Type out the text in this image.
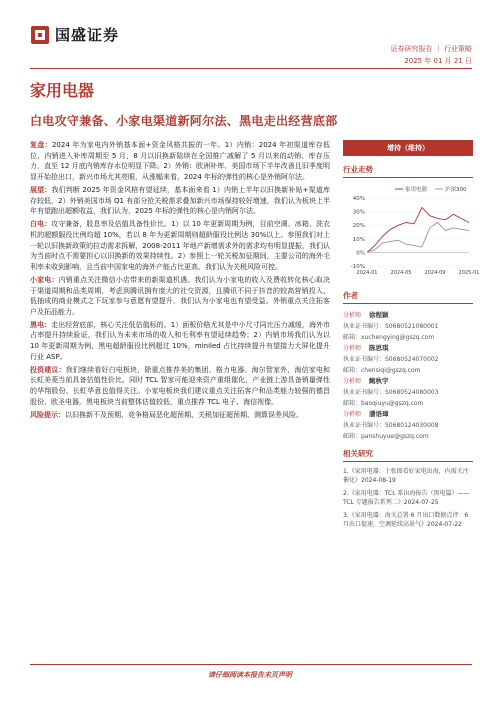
国盛证券
证券研究报告 ｜ 行业策略
2025 年 01 月 21 日
家用电器
白电攻守兼备、小家电渠道新阿尔法、黑电走出经营底部

复盘：2024 年为家电内外销基本面+资金风格共振的一年。1）内销：2024 年初渠道库存低位，内销进入补库周期至 5 月，8 月以旧换新陆续在全国推广减解了 5 月以来的动销、库存压力，直至 12 月底内销库存水位明显下降。2）外销：欧洲补库、美国市场下半年改善且旧季度明显开始抢出口，新兴市场尤其亮眼，从涨幅来看，2024 年标的弹性的核心是外销阿尔法。

展望：我们判断 2025 年资金风格有望延续，基本面来看 1）内销上半年以旧换新补贴+渠道库存较低，2）外销美国市场 Q1 有部分抢关税需求叠加新兴市场保持较好增速，我们认为板块上半年有望跑出超额收益，我们认为，2025 年标的弹性的核心是内销阿尔法。

白电：攻守兼备，股息率及估值具备性价比。1）以 10 年更新周期为例，目前空调、冰箱、洗衣机的超额服役比例均超 10%，若以 8 年为更新周期则超龄服役比例达 30%以上。参照我们对上一轮以旧换新政策的拉动需求拆解，2008-2011 年地产新增需求外的需求均有明显提振，我们认为当前时点不需要担心以旧换新的效果持续性。2）参照上一轮关税加征期间，主要公司的海外毛利率未收到影响，且当前中国家电的海外产能占比更高，我们认为关税风险可控。

小家电：内销重点关注微信小店带来的新渠道机遇。我们认为小家电的收入及费收转化核心取决于渠道周期和品类周期，考虑到腾讯拥有庞大的社交资源，且腾讯不同于抖音的较高营销投入、低抽成的商业模式之下玩家参与意愿有望提升，我们认为小家电也有望受益。外销重点关注拓客户及拓品能力。

黑电：走出经营底部，核心关注低估值标的。1）面板价格尤其是中小尺寸同比压力减缓，海外市占率提升持续验证，我们认为未来市场的收入和毛利率有望延续趋势；2）内销市场我们认为以 10 年更新周期为例，黑电超龄服役比例超过 10%，miniled 占比持续提升有望接力大屏化提升行业 ASP。

投资建议：我们继续看好白电板块，除重点推荐美的集团、格力电器、海尔智家外，海信家电和长虹美菱当前具备估值性价比。同时 TCL 智家可能迎来资产重组催化，产业链上游具备销量弹性的华翔股份、长虹华意也值得关注。小家电板块我们建议重点关注拓客户和品类能力较强的德昌股份、欧圣电器。黑电板块当前整体估值较低，重点推荐 TCL 电子、海信视像。

风险提示：以旧换新不及预期、竞争格局恶化超预期、关税加征超预期、测算误差风险。

增持（维持）
行业走势
40%
30%
20%
10%
0%
-10%
2024-01	2024-05	2024-09	2025-01
家用电器	沪深300
作者
分析师 徐程颖
执业证书编号：S0680521080001
邮箱：xuchengying@gszq.com
分析师 陈思琪
执业证书编号：S0680524070002
邮箱：chensiqi@gszq.com
分析师 鲍秋宇
执业证书编号：S0680524080003
邮箱：baoqiuyu@gszq.com
分析师 潘语璋
执业证书编号：S0680124030008
邮箱：panshuyue@gszq.com
相关研究
1.《家用电器：十张图看好家电出海，内需关注催化》2024-08-19
2.《家用电器：TCL 系出海报告（黑电篇）——TCL 专题报告系列二》2024-07-25
3.《家用电器：海关总署 6 月出口数据点评：6 月出口提速，空调延续高景气》2024-07-22
请仔细阅读本报告末页声明
